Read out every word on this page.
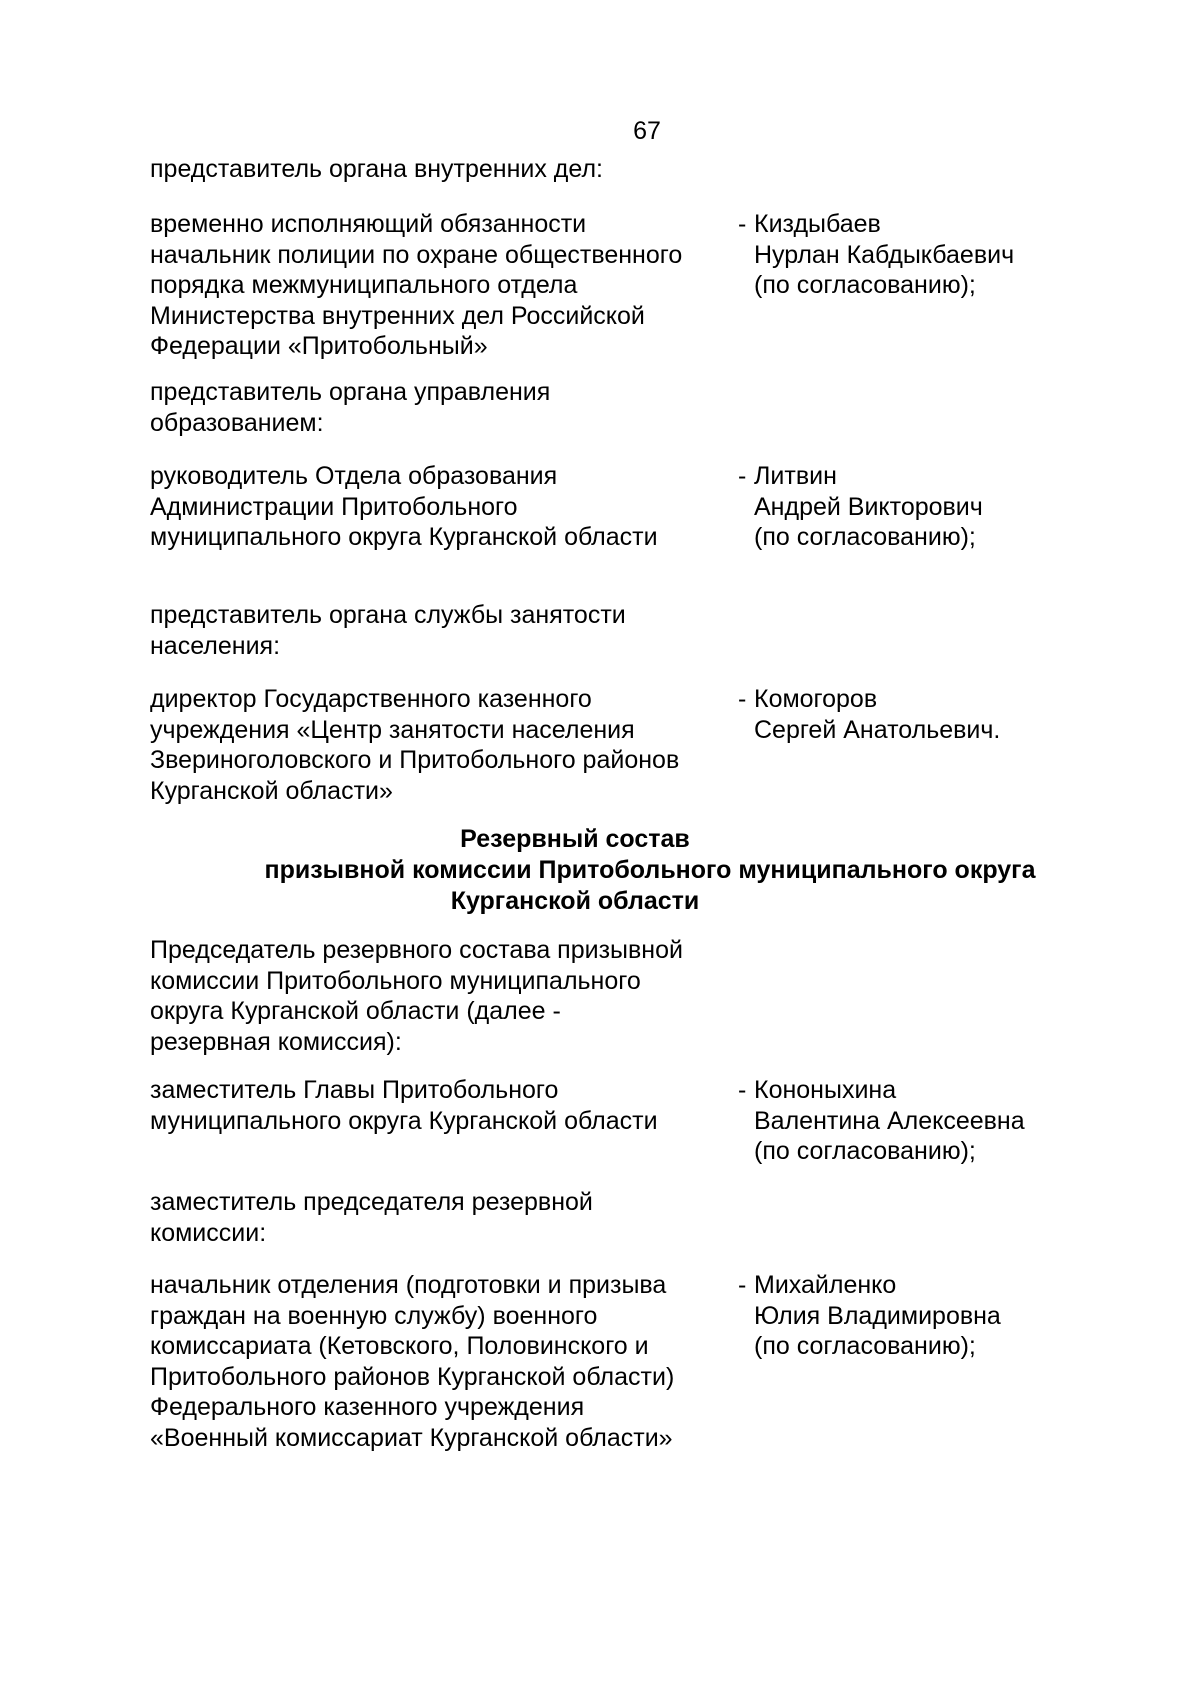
67
представитель органа внутренних дел:
временно исполняющий обязанности
начальник полиции по охране общественного
порядка межмуниципального отдела
Министерства внутренних дел Российской
Федерации «Притобольный»
- Киздыбаев
Нурлан Кабдыкбаевич
(по согласованию);
представитель органа управления
образованием:
руководитель Отдела образования
Администрации Притобольного
муниципального округа Курганской области
- Литвин
Андрей Викторович
(по согласованию);
представитель органа службы занятости
населения:
директор Государственного казенного
учреждения «Центр занятости населения
Звериноголовского и Притобольного районов
Курганской области»
- Комогоров
Сергей Анатольевич.
Резервный состав
призывной комиссии Притобольного муниципального округа
Курганской области
Председатель резервного состава призывной
комиссии Притобольного муниципального
округа Курганской области (далее -
резервная комиссия):
заместитель Главы Притобольного
муниципального округа Курганской области
- Кононыхина
Валентина Алексеевна
(по согласованию);
заместитель председателя резервной
комиссии:
начальник отделения (подготовки и призыва
граждан на военную службу) военного
комиссариата (Кетовского, Половинского и
Притобольного районов Курганской области)
Федерального казенного учреждения
«Военный комиссариат Курганской области»
- Михайленко
Юлия Владимировна
(по согласованию);
